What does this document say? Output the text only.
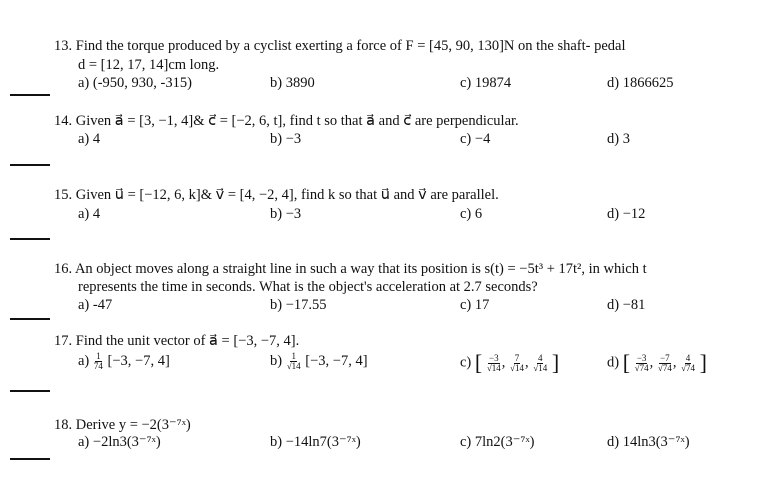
13. Find the torque produced by a cyclist exerting a force of F = [45, 90, 130]N on the shaft- pedal
d = [12, 17, 14]cm long.
a) (-950, 930, -315)	b) 3890	c) 19874	d) 1866625
14. Given a⃗ = [3, −1, 4]& c⃗ = [−2, 6, t], find t so that a⃗ and c⃗ are perpendicular.
a) 4	b) −3	c) −4	d) 3
15. Given u⃗ = [−12, 6, k]& v⃗ = [4, −2, 4], find k so that u⃗ and v⃗ are parallel.
a) 4	b) −3	c) 6	d) −12
16. An object moves along a straight line in such a way that its position is s(t) = −5t³ + 17t², in which t
represents the time in seconds. What is the object's acceleration at 2.7 seconds?
a) -47	b) −17.55	c) 17	d) −81
17. Find the unit vector of a⃗ = [−3, −7, 4].
$a) \frac{1}{74} [-3$, −7, 4]	$b) \frac{1}{√14} [-3$, −7, 4]	c) [ $\frac{-3}{√14}$ , $\frac{7}{√14}$ , $\frac{4}{√14}$ ]	d) [ $\frac{-3}{√74}$ , $\frac{-7}{√74}$ , $\frac{4}{√74}$ ]
18. Derive y = −2(3⁻⁷ˣ)
a) −2ln3(3⁻⁷ˣ)	b) −14ln7(3⁻⁷ˣ)	c) 7ln2(3⁻⁷ˣ)	d) 14ln3(3⁻⁷ˣ)
